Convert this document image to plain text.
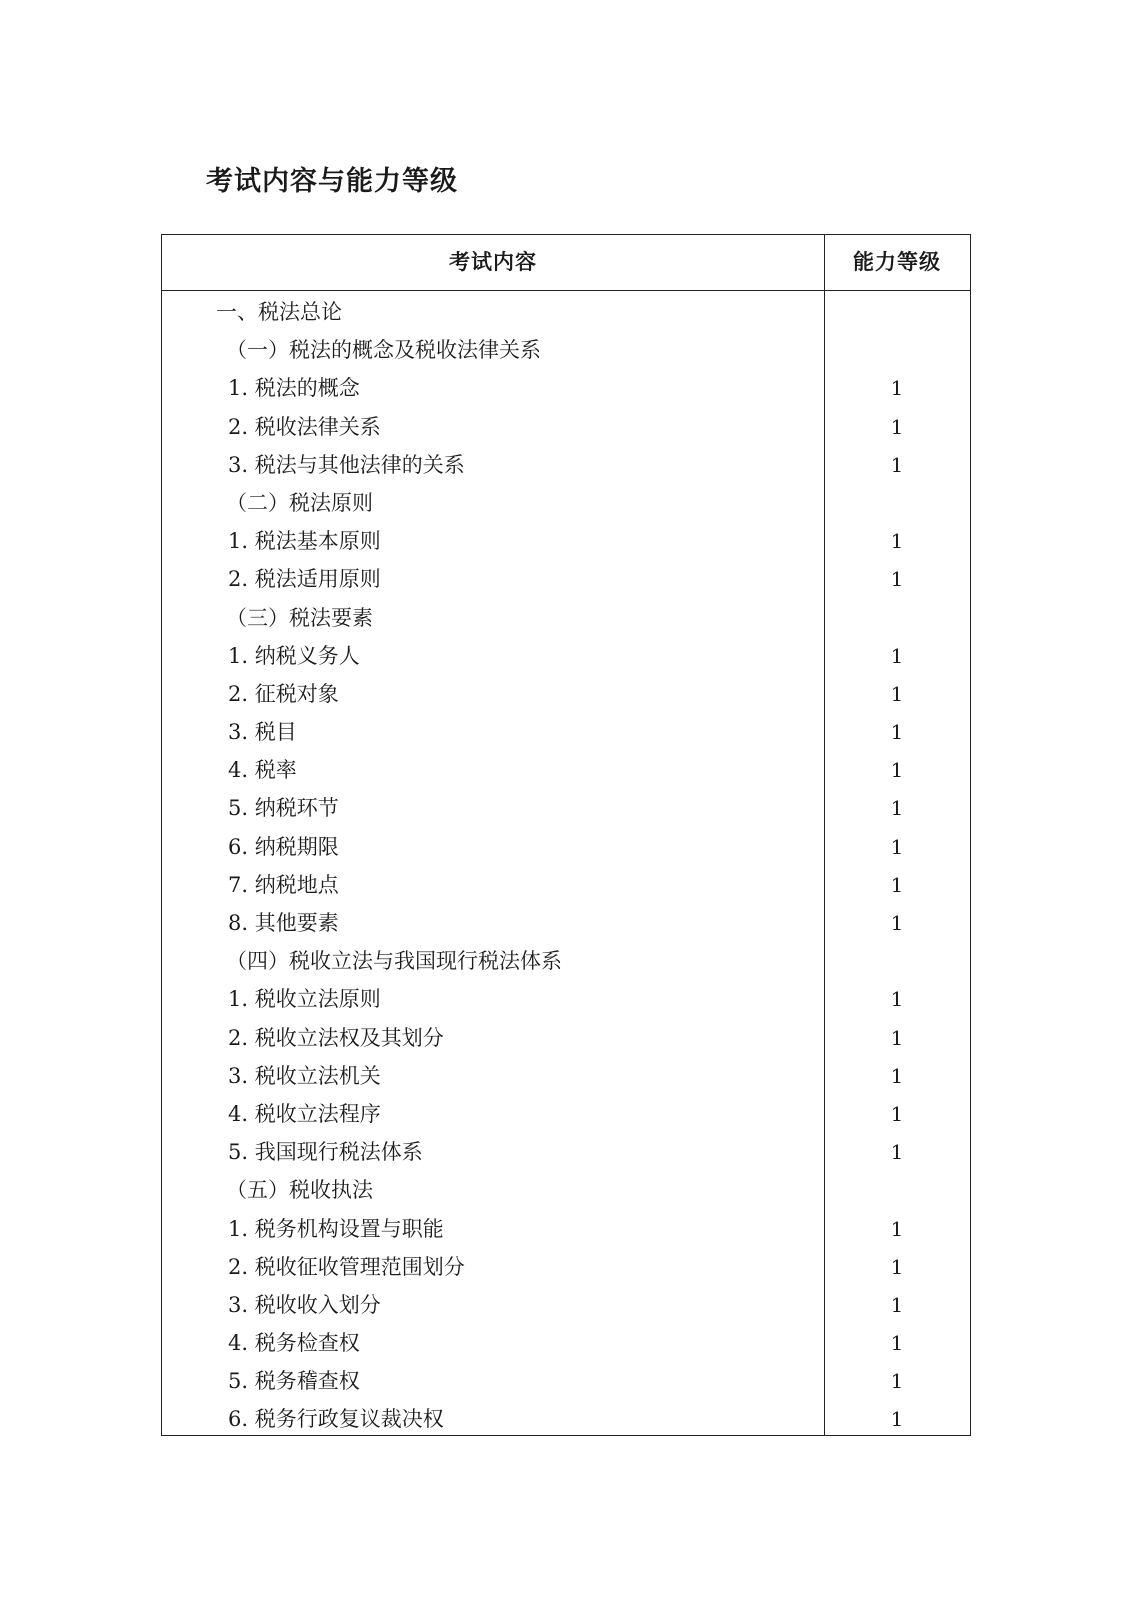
考试内容与能力等级
考试内容	能力等级
一、税法总论
（一）税法的概念及税收法律关系
1. 税法的概念	1
2. 税收法律关系	1
3. 税法与其他法律的关系	1
（二）税法原则
1. 税法基本原则	1
2. 税法适用原则	1
（三）税法要素
1. 纳税义务人	1
2. 征税对象	1
3. 税目	1
4. 税率	1
5. 纳税环节	1
6. 纳税期限	1
7. 纳税地点	1
8. 其他要素	1
（四）税收立法与我国现行税法体系
1. 税收立法原则	1
2. 税收立法权及其划分	1
3. 税收立法机关	1
4. 税收立法程序	1
5. 我国现行税法体系	1
（五）税收执法
1. 税务机构设置与职能	1
2. 税收征收管理范围划分	1
3. 税收收入划分	1
4. 税务检查权	1
5. 税务稽查权	1
6. 税务行政复议裁决权	1
